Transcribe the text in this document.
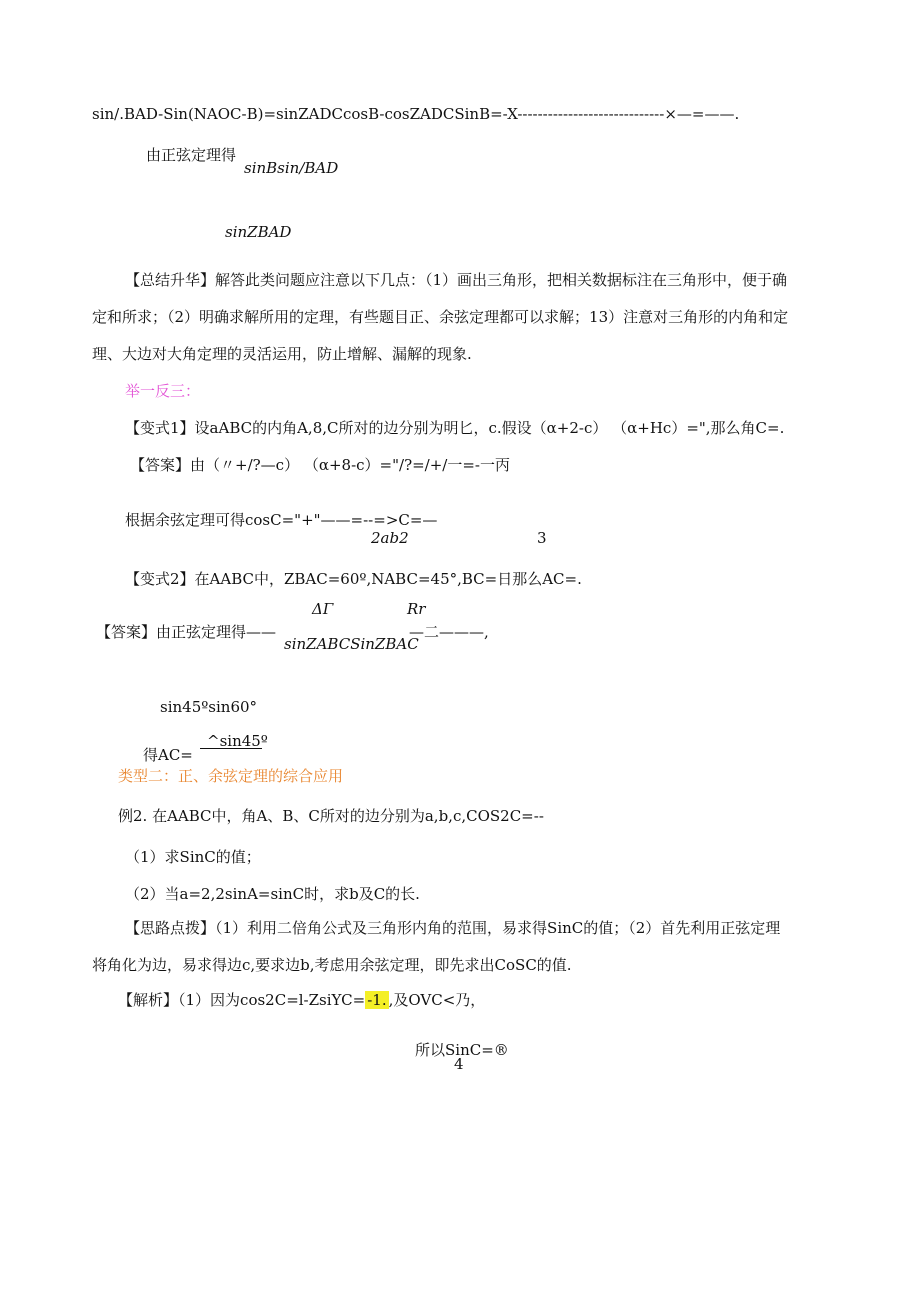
sin/.BAD-Sin(NAOC-B)=sinZADCcosB-cosZADCSinB=-X-----------------------------×—=——.
由正弦定理得
sinBsin/BAD
sinZBAD
【总结升华】解答此类问题应注意以下几点：（1）画出三角形，把相关数据标注在三角形中，便于确
定和所求；（2）明确求解所用的定理，有些题目正、余弦定理都可以求解；13）注意对三角形的内角和定
理、大边对大角定理的灵活运用，防止增解、漏解的现象.
举一反三：
【变式1】设aABC的内角A,8,C所对的边分别为明匕，c.假设（α+2-c） （α+Hc）=",那么角C=.
【答案】由（〃+/?—c） （α+8-c）="/?=/+/一=-一丙
根据余弦定理可得cosC="+"——=--=>C=—
2ab2	3
【变式2】在AABC中，ZBAC=60º,NABC=45°,BC=日那么AC=.
ΔΓ	Rr
【答案】由正弦定理得——	—二———,
sinZABCSinZBAC
sin45ºsin60°
^sin45º
得AC=
类型二：正、余弦定理的综合应用
例2. 在AABC中，角A、B、C所对的边分别为a,b,c,COS2C=--
（1）求SinC的值；
（2）当a=2,2sinA=sinC时，求b及C的长.
【思路点拨】（1）利用二倍角公式及三角形内角的范围，易求得SinC的值；（2）首先利用正弦定理
将角化为边，易求得边c,要求边b,考虑用余弦定理，即先求出CoSC的值.
【解析】（1）因为cos2C=l-ZsiYC= -1. ,及OVC<乃，
所以SinC=®
4
